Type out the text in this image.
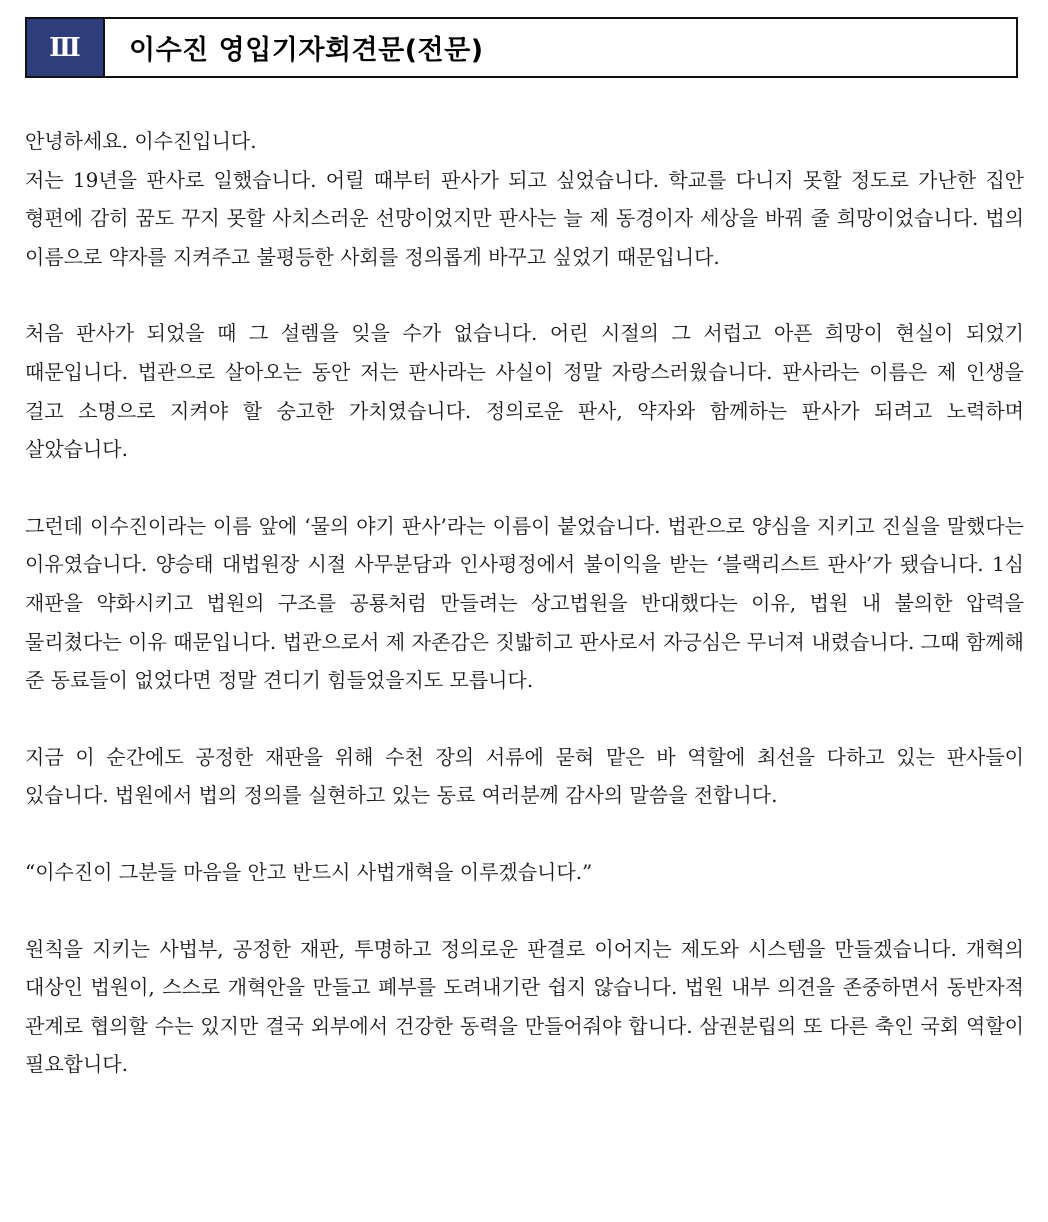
Ⅲ	이수진 영입기자회견문(전문)

안녕하세요. 이수진입니다.

저는 19년을 판사로 일했습니다. 어릴 때부터 판사가 되고 싶었습니다. 학교를 다니지 못할 정도로 가난한 집안 형편에 감히 꿈도 꾸지 못할 사치스러운 선망이었지만 판사는 늘 제 동경이자 세상을 바꿔 줄 희망이었습니다. 법의 이름으로 약자를 지켜주고 불평등한 사회를 정의롭게 바꾸고 싶었기 때문입니다.

처음 판사가 되었을 때 그 설렘을 잊을 수가 없습니다. 어린 시절의 그 서럽고 아픈 희망이 현실이 되었기 때문입니다. 법관으로 살아오는 동안 저는 판사라는 사실이 정말 자랑스러웠습니다. 판사라는 이름은 제 인생을 걸고 소명으로 지켜야 할 숭고한 가치였습니다. 정의로운 판사, 약자와 함께하는 판사가 되려고 노력하며 살았습니다.

그런데 이수진이라는 이름 앞에 ‘물의 야기 판사’라는 이름이 붙었습니다. 법관으로 양심을 지키고 진실을 말했다는 이유였습니다. 양승태 대법원장 시절 사무분담과 인사평정에서 불이익을 받는 ‘블랙리스트 판사’가 됐습니다. 1심 재판을 약화시키고 법원의 구조를 공룡처럼 만들려는 상고법원을 반대했다는 이유, 법원 내 불의한 압력을 물리쳤다는 이유 때문입니다. 법관으로서 제 자존감은 짓밟히고 판사로서 자긍심은 무너져 내렸습니다. 그때 함께해 준 동료들이 없었다면 정말 견디기 힘들었을지도 모릅니다.

지금 이 순간에도 공정한 재판을 위해 수천 장의 서류에 묻혀 맡은 바 역할에 최선을 다하고 있는 판사들이 있습니다. 법원에서 법의 정의를 실현하고 있는 동료 여러분께 감사의 말씀을 전합니다.

“이수진이 그분들 마음을 안고 반드시 사법개혁을 이루겠습니다.”

원칙을 지키는 사법부, 공정한 재판, 투명하고 정의로운 판결로 이어지는 제도와 시스템을 만들겠습니다. 개혁의 대상인 법원이, 스스로 개혁안을 만들고 폐부를 도려내기란 쉽지 않습니다. 법원 내부 의견을 존중하면서 동반자적 관계로 협의할 수는 있지만 결국 외부에서 건강한 동력을 만들어줘야 합니다. 삼권분립의 또 다른 축인 국회 역할이 필요합니다.
